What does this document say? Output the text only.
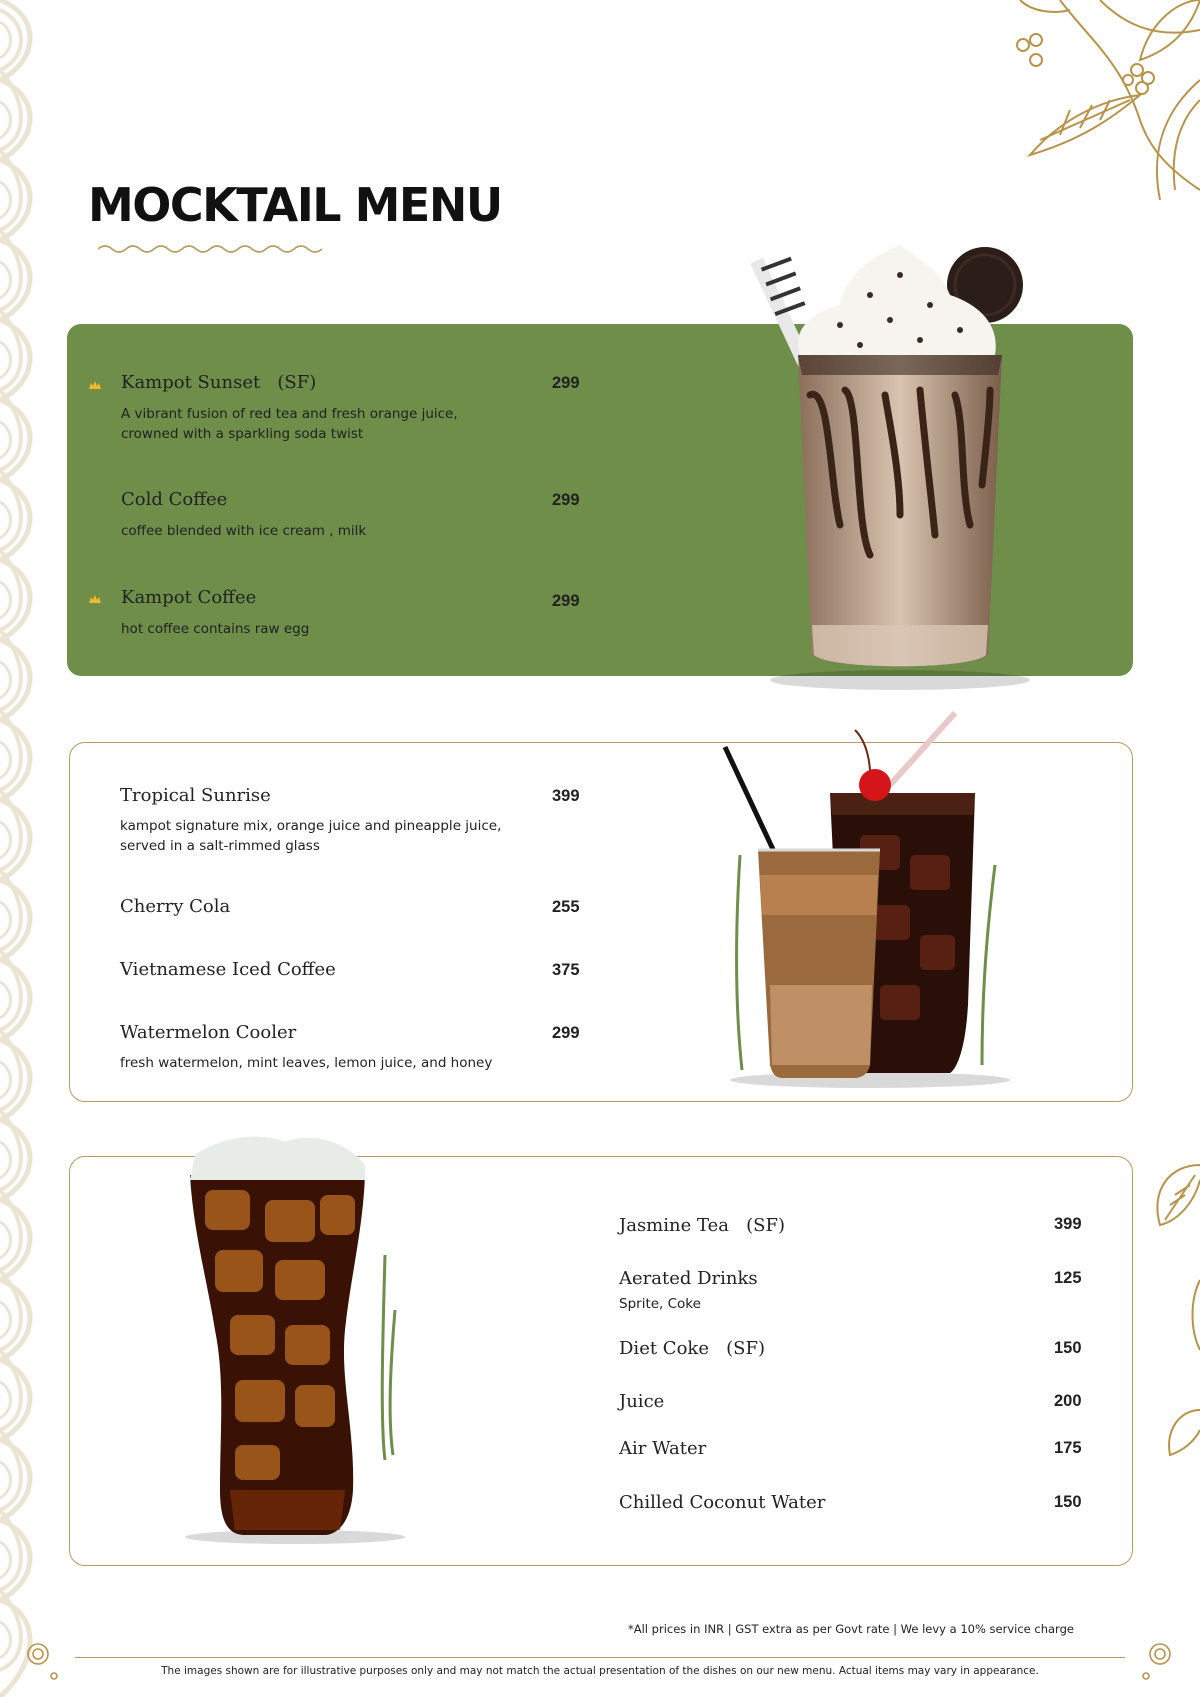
MOCKTAIL MENU
Kampot Sunset (SF)	299
A vibrant fusion of red tea and fresh orange juice,
crowned with a sparkling soda twist
Cold Coffee	299
coffee blended with ice cream , milk
Kampot Coffee	299
hot coffee contains raw egg
Tropical Sunrise	399
kampot signature mix, orange juice and pineapple juice,
served in a salt-rimmed glass
Cherry Cola	255
Vietnamese Iced Coffee	375
Watermelon Cooler	299
fresh watermelon, mint leaves, lemon juice, and honey
Jasmine Tea (SF)	399
Aerated Drinks	125
Sprite, Coke
Diet Coke (SF)	150
Juice	200
Air Water	175
Chilled Coconut Water	150
*All prices in INR | GST extra as per Govt rate | We levy a 10% service charge
The images shown are for illustrative purposes only and may not match the actual presentation of the dishes on our new menu. Actual items may vary in appearance.
